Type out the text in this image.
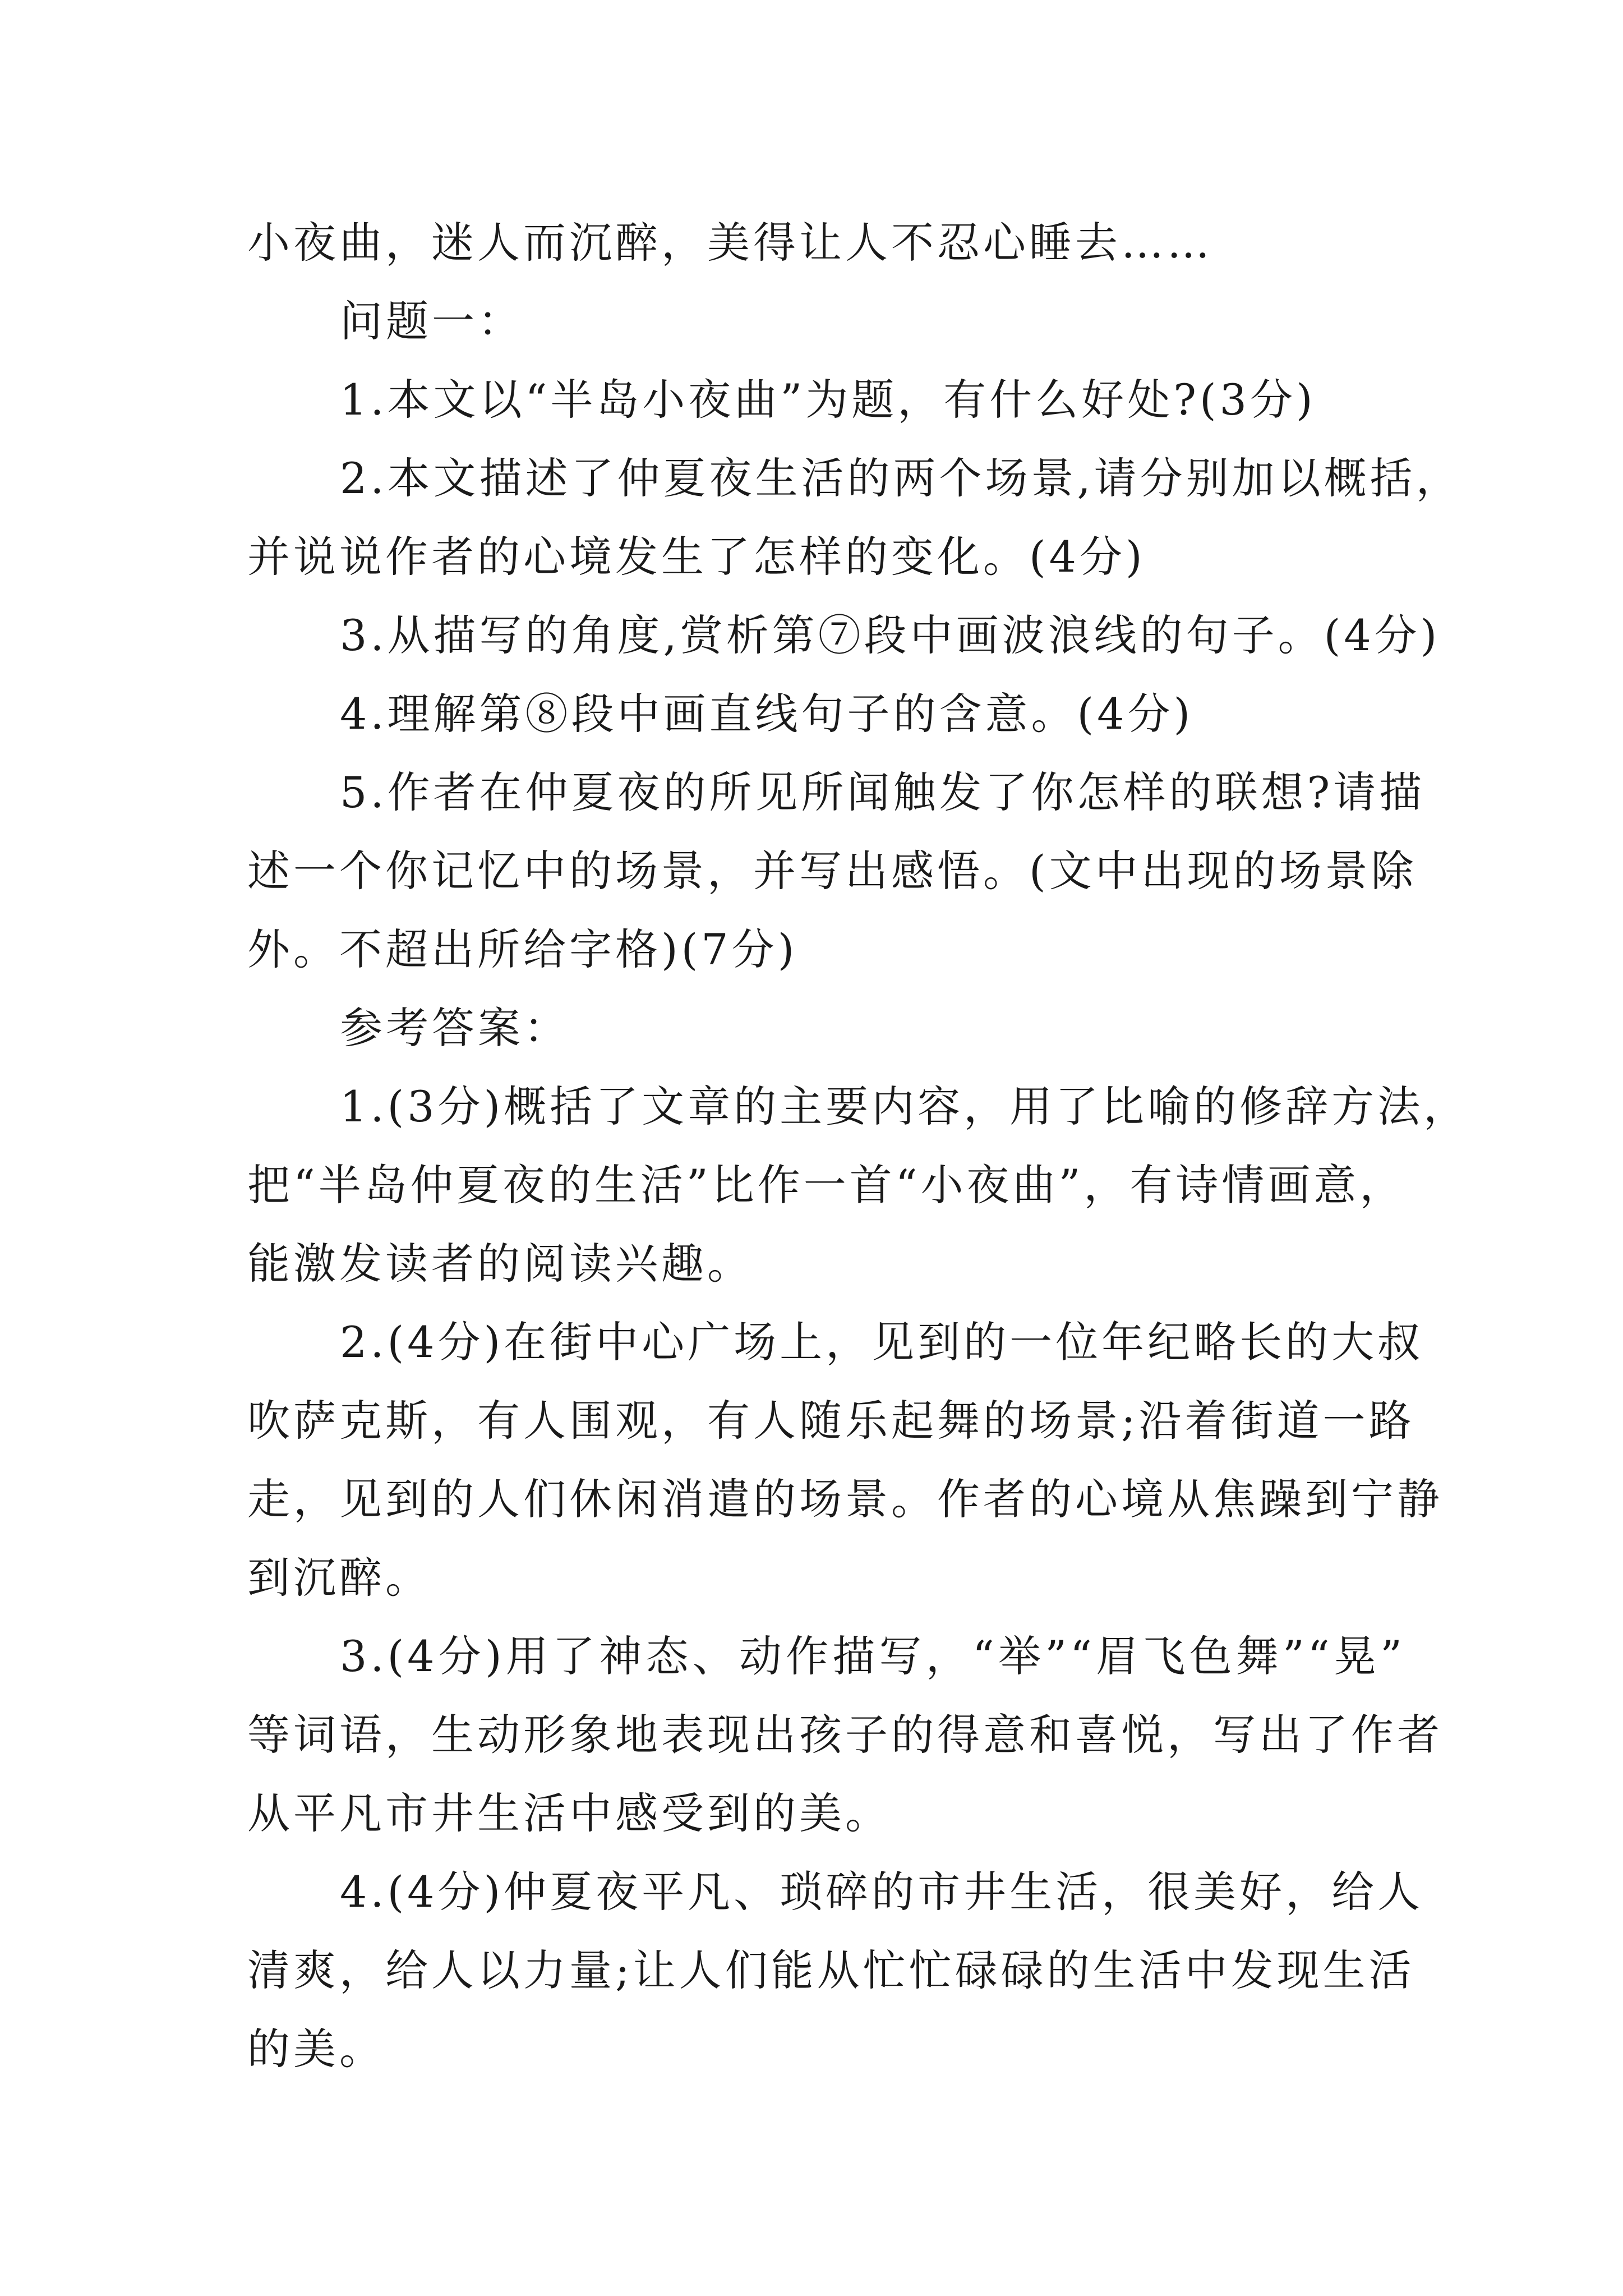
小夜曲，迷人而沉醉，美得让人不忍心睡去……
问题一：
1.本文以“半岛小夜曲”为题，有什么好处?(3分)
2.本文描述了仲夏夜生活的两个场景,请分别加以概括，
并说说作者的心境发生了怎样的变化。(4分)
3.从描写的角度,赏析第⑦段中画波浪线的句子。(4分)
4.理解第⑧段中画直线句子的含意。(4分)
5.作者在仲夏夜的所见所闻触发了你怎样的联想?请描
述一个你记忆中的场景，并写出感悟。(文中出现的场景除
外。不超出所给字格)(7分)
参考答案：
1.(3分)概括了文章的主要内容，用了比喻的修辞方法，
把“半岛仲夏夜的生活”比作一首“小夜曲”，有诗情画意，
能激发读者的阅读兴趣。
2.(4分)在街中心广场上，见到的一位年纪略长的大叔
吹萨克斯，有人围观，有人随乐起舞的场景;沿着街道一路
走，见到的人们休闲消遣的场景。作者的心境从焦躁到宁静
到沉醉。
3.(4分)用了神态、动作描写，“举”“眉飞色舞”“晃”
等词语，生动形象地表现出孩子的得意和喜悦，写出了作者
从平凡市井生活中感受到的美。
4.(4分)仲夏夜平凡、琐碎的市井生活，很美好，给人
清爽，给人以力量;让人们能从忙忙碌碌的生活中发现生活
的美。
